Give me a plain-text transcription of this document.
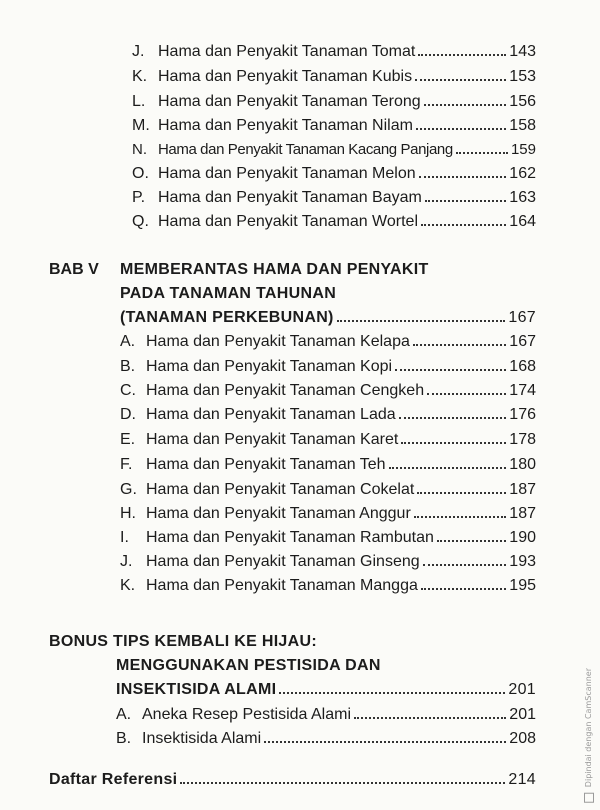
J. Hama dan Penyakit Tanaman Tomat	143
K. Hama dan Penyakit Tanaman Kubis	153
L. Hama dan Penyakit Tanaman Terong	156
M. Hama dan Penyakit Tanaman Nilam	158
N. Hama dan Penyakit Tanaman Kacang Panjang	159
O. Hama dan Penyakit Tanaman Melon	162
P. Hama dan Penyakit Tanaman Bayam	163
Q. Hama dan Penyakit Tanaman Wortel	164
BAB V MEMBERANTAS HAMA DAN PENYAKIT
PADA TANAMAN TAHUNAN
(TANAMAN PERKEBUNAN)	167
A. Hama dan Penyakit Tanaman Kelapa	167
B. Hama dan Penyakit Tanaman Kopi	168
C. Hama dan Penyakit Tanaman Cengkeh	174
D. Hama dan Penyakit Tanaman Lada	176
E. Hama dan Penyakit Tanaman Karet	178
F. Hama dan Penyakit Tanaman Teh	180
G. Hama dan Penyakit Tanaman Cokelat	187
H. Hama dan Penyakit Tanaman Anggur	187
I.	Hama dan Penyakit Tanaman Rambutan	190
J. Hama dan Penyakit Tanaman Ginseng	193
K. Hama dan Penyakit Tanaman Mangga	195
BONUS TIPS KEMBALI KE HIJAU:
MENGGUNAKAN PESTISIDA DAN
INSEKTISIDA ALAMI	201
A. Aneka Resep Pestisida Alami	201
B. Insektisida Alami	208
Daftar Referensi	214	Dipindai dengan CamScanner
